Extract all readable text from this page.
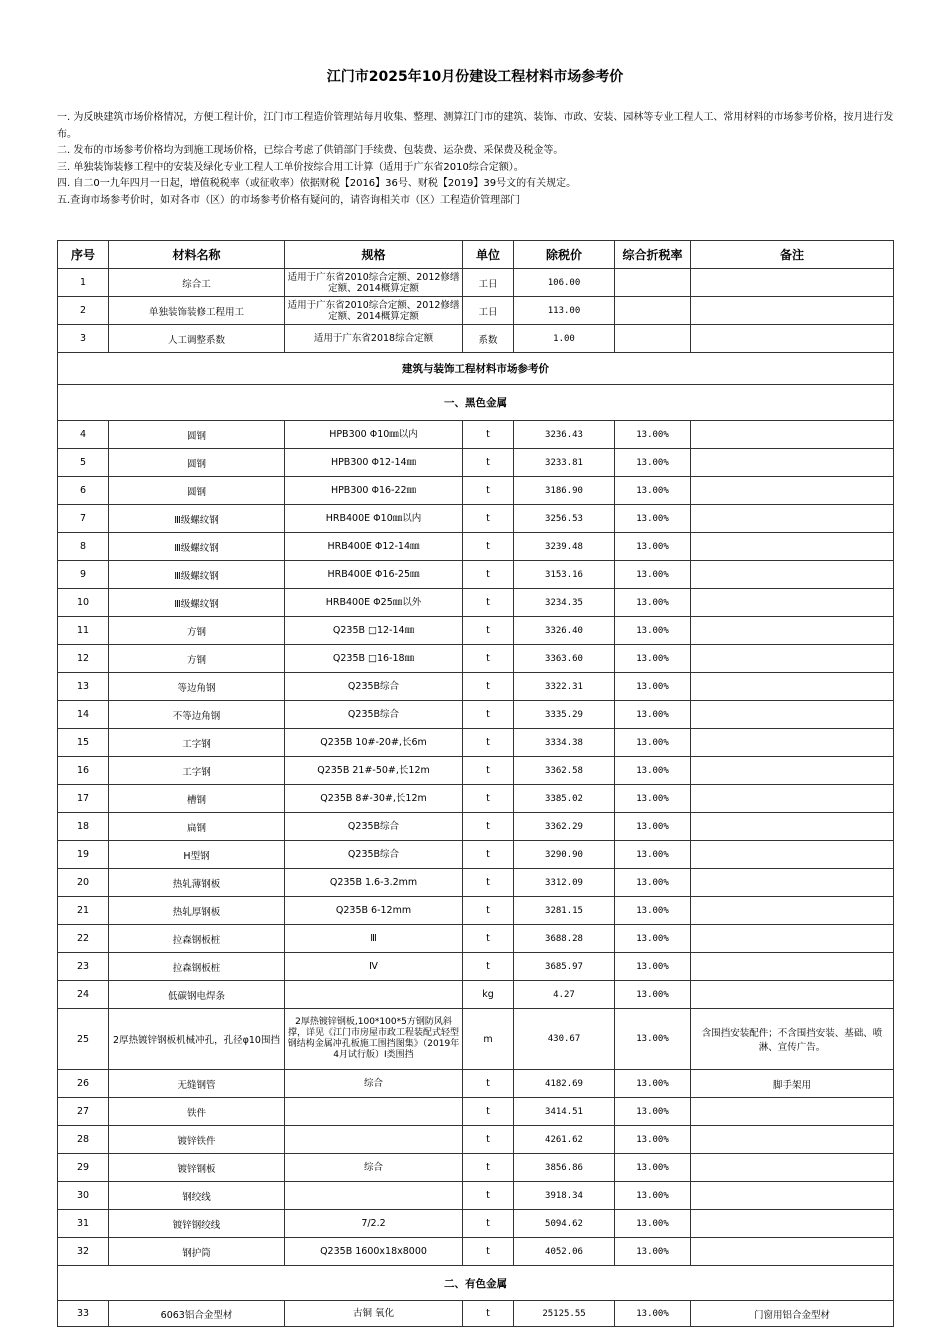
江门市2025年10月份建设工程材料市场参考价
一. 为反映建筑市场价格情况，方便工程计价，江门市工程造价管理站每月收集、整理、测算江门市的建筑、装饰、市政、安装、园林等专业工程人工、常用材料的市场参考价格，按月进行发布。
二. 发布的市场参考价格均为到施工现场价格，已综合考虑了供销部门手续费、包装费、运杂费、采保费及税金等。
三. 单独装饰装修工程中的安装及绿化专业工程人工单价按综合用工计算（适用于广东省2010综合定额）。
四. 自二0一九年四月一日起，增值税税率（或征收率）依据财税【2016】36号、财税【2019】39号文的有关规定。
五.查询市场参考价时，如对各市（区）的市场参考价格有疑问的，请咨询相关市（区）工程造价管理部门
序号	材料名称	规格	单位	除税价	综合折税率	备注
1	综合工	适用于广东省2010综合定额、2012修缮定额、2014概算定额	工日	106.00		
2	单独装饰装修工程用工	适用于广东省2010综合定额、2012修缮定额、2014概算定额	工日	113.00		
3	人工调整系数	适用于广东省2018综合定额	系数	1.00		
建筑与装饰工程材料市场参考价						
一、黑色金属						
4	圆钢	HPB300 Φ10㎜以内	t	3236.43	13.00%	
5	圆钢	HPB300 Φ12-14㎜	t	3233.81	13.00%	
6	圆钢	HPB300 Φ16-22㎜	t	3186.90	13.00%	
7	Ⅲ级螺纹钢	HRB400E Φ10㎜以内	t	3256.53	13.00%	
8	Ⅲ级螺纹钢	HRB400E Φ12-14㎜	t	3239.48	13.00%	
9	Ⅲ级螺纹钢	HRB400E Φ16-25㎜	t	3153.16	13.00%	
10	Ⅲ级螺纹钢	HRB400E Φ25㎜以外	t	3234.35	13.00%	
11	方钢	Q235B □12-14㎜	t	3326.40	13.00%	
12	方钢	Q235B □16-18㎜	t	3363.60	13.00%	
13	等边角钢	Q235B综合	t	3322.31	13.00%	
14	不等边角钢	Q235B综合	t	3335.29	13.00%	
15	工字钢	Q235B 10#-20#,长6m	t	3334.38	13.00%	
16	工字钢	Q235B 21#-50#,长12m	t	3362.58	13.00%	
17	槽钢	Q235B 8#-30#,长12m	t	3385.02	13.00%	
18	扁钢	Q235B综合	t	3362.29	13.00%	
19	H型钢	Q235B综合	t	3290.90	13.00%	
20	热轧薄钢板	Q235B 1.6-3.2mm	t	3312.09	13.00%	
21	热轧厚钢板	Q235B 6-12mm	t	3281.15	13.00%	
22	拉森钢板桩	Ⅲ	t	3688.28	13.00%	
23	拉森钢板桩	Ⅳ	t	3685.97	13.00%	
24	低碳钢电焊条		kg	4.27	13.00%	
25	2厚热镀锌钢板机械冲孔，孔径φ10围挡	2厚热镀锌钢板,100*100*5方钢防风斜撑，详见《江门市房屋市政工程装配式轻型钢结构金属冲孔板施工围挡图集》（2019年4月试行版）Ⅰ类围挡	m	430.67	13.00%	含围挡安装配件；不含围挡安装、基础、喷淋、宣传广告。
26	无缝钢管	综合	t	4182.69	13.00%	脚手架用
27	铁件		t	3414.51	13.00%	
28	镀锌铁件		t	4261.62	13.00%	
29	镀锌钢板	综合	t	3856.86	13.00%	
30	钢绞线		t	3918.34	13.00%	
31	镀锌钢绞线	7/2.2	t	5094.62	13.00%	
32	钢护筒	Q235B 1600x18x8000	t	4052.06	13.00%	
二、有色金属						
33	6063铝合金型材	古铜 氧化	t	25125.55	13.00%	门窗用铝合金型材
